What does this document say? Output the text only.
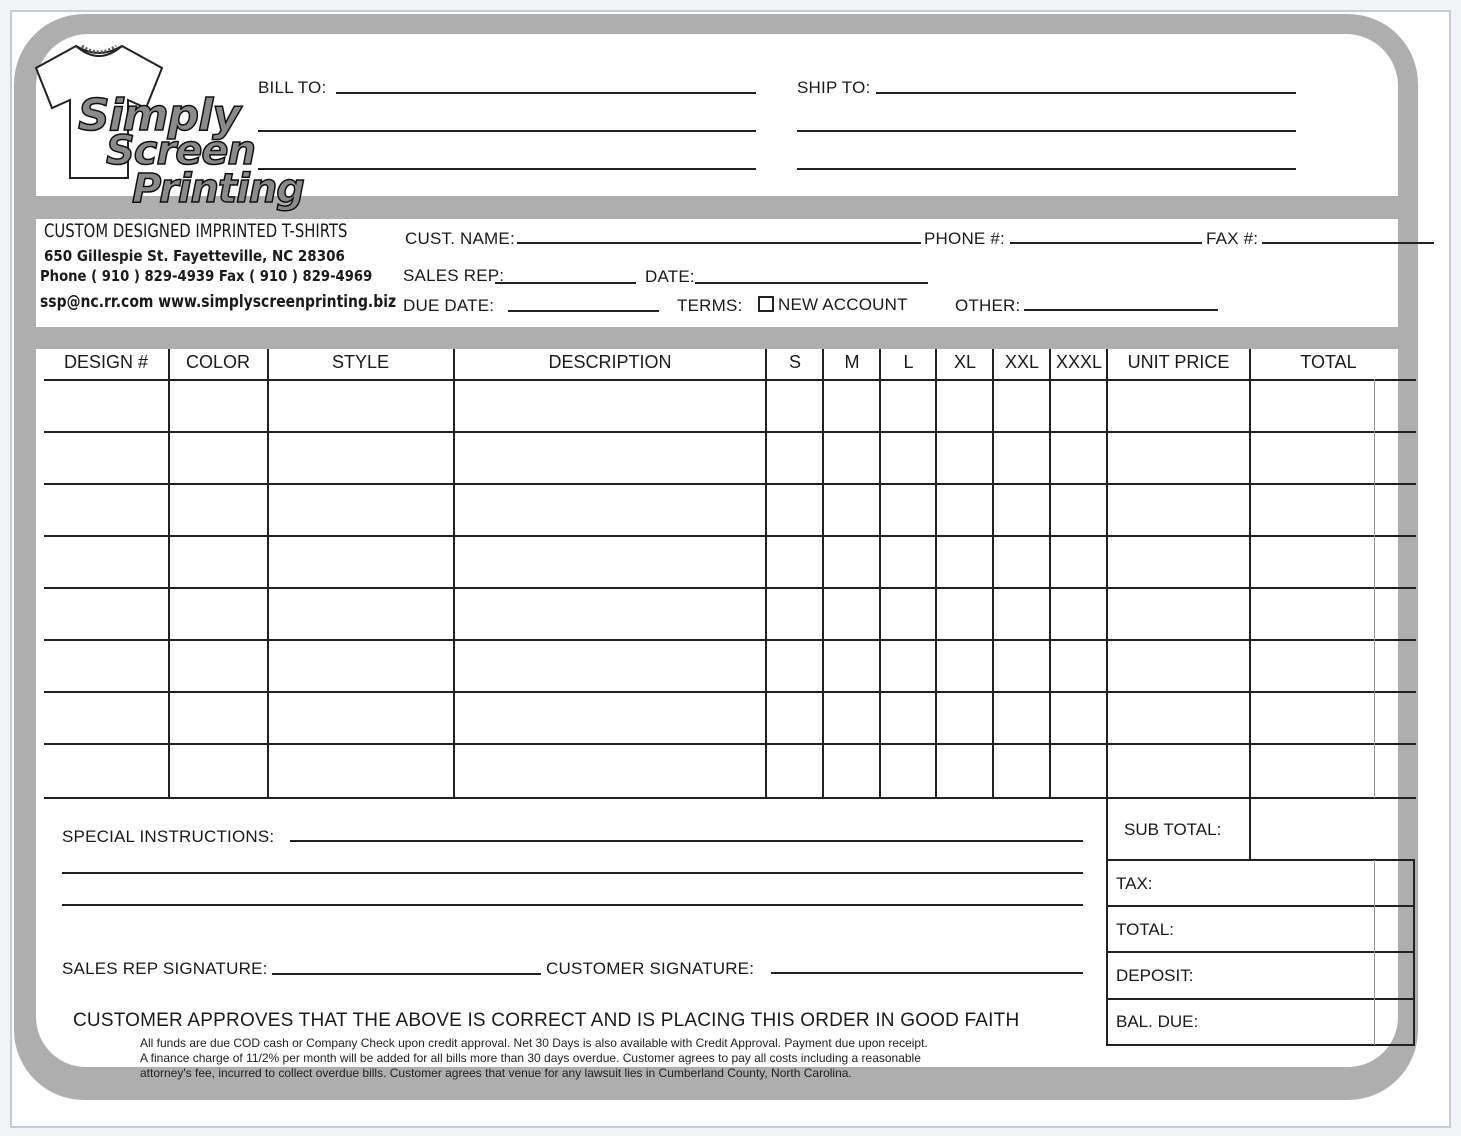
Simply
Screen
Printing
BILL TO:	SHIP TO:
CUSTOM DESIGNED IMPRINTED T-SHIRTS
650 Gillespie St. Fayetteville, NC 28306
Phone ( 910 ) 829-4939 Fax ( 910 ) 829-4969
ssp@nc.rr.com www.simplyscreenprinting.biz
CUST. NAME:	PHONE #:	FAX #:
SALES REP:	DATE:
DUE DATE:	TERMS:	NEW ACCOUNT	OTHER:
DESIGN #	COLOR	STYLE	DESCRIPTION	S	M	L	XL	XXL XXXL	UNIT PRICE	TOTAL
SUB TOTAL:
TAX:
TOTAL:
DEPOSIT:
BAL. DUE:
SPECIAL INSTRUCTIONS:
SALES REP SIGNATURE:	CUSTOMER SIGNATURE:
CUSTOMER APPROVES THAT THE ABOVE IS CORRECT AND IS PLACING THIS ORDER IN GOOD FAITH
All funds are due COD cash or Company Check upon credit approval. Net 30 Days is also available with Credit Approval. Payment due upon receipt.
A finance charge of 11/2% per month will be added for all bills more than 30 days overdue. Customer agrees to pay all costs including a reasonable
attorney's fee, incurred to collect overdue bills. Customer agrees that venue for any lawsuit lies in Cumberland County, North Carolina.
